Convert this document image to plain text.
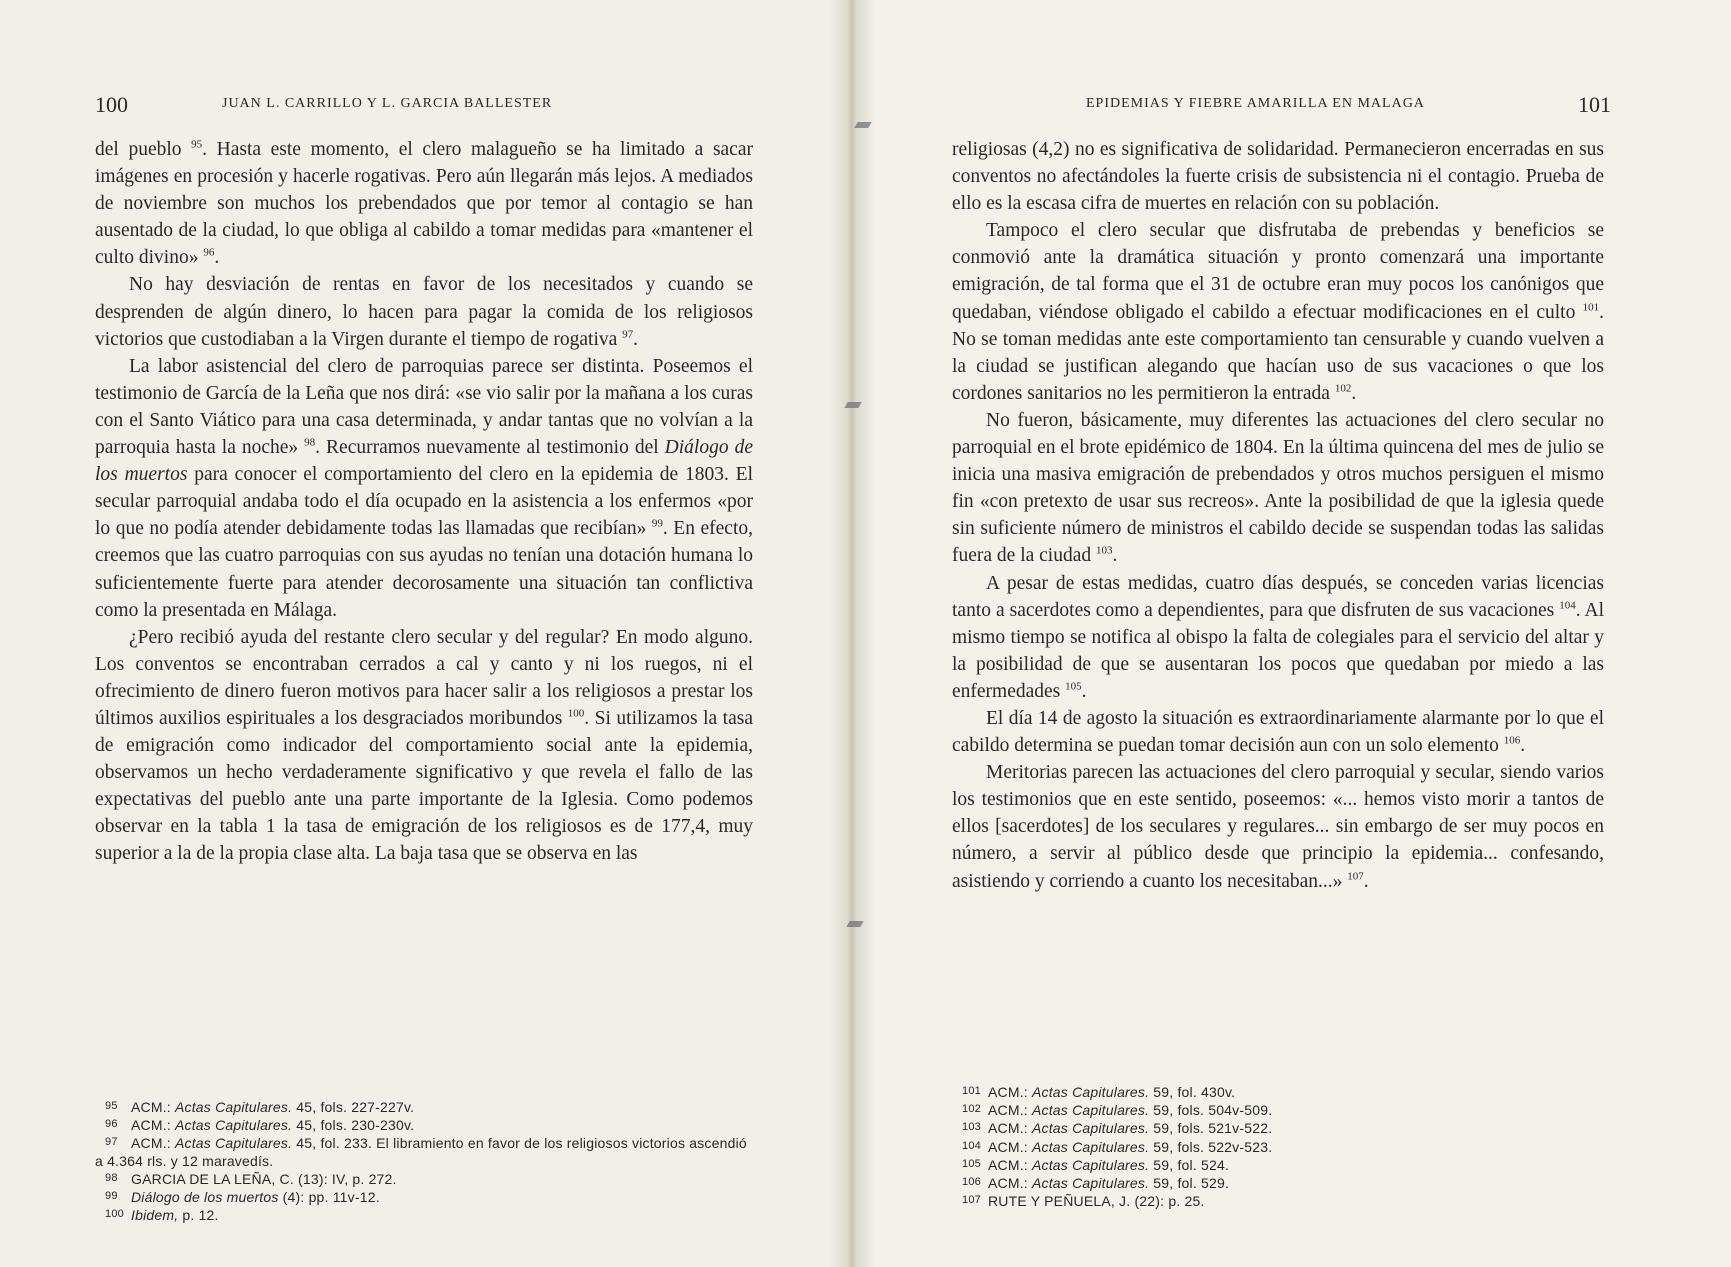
100	JUAN L. CARRILLO Y L. GARCIA BALLESTER	EPIDEMIAS Y FIEBRE AMARILLA EN MALAGA	101

del pueblo $^{95}$. Hasta este momento, el clero malagueño se ha limitado a sacar imágenes en procesión y hacerle rogativas. Pero aún llegarán más lejos. A mediados de noviembre son muchos los prebendados que por temor al contagio se han ausentado de la ciudad, lo que obliga al cabildo a tomar medidas para «mantener el culto divino» $^{96}$.

No hay desviación de rentas en favor de los necesitados y cuando se desprenden de algún dinero, lo hacen para pagar la comida de los religiosos victorios que custodiaban a la Virgen durante el tiempo de rogativa $^{97}$.

La labor asistencial del clero de parroquias parece ser distinta. Poseemos el testimonio de García de la Leña que nos dirá: «se vio salir por la mañana a los curas con el Santo Viático para una casa determinada, y andar tantas que no volvían a la parroquia hasta la noche» $^{98}$. Recurramos nuevamente al testimonio del Diálogo de los muertos para conocer el comportamiento del clero en la epidemia de 1803. El secular parroquial andaba todo el día ocupado en la asistencia a los enfermos «por lo que no podía atender debidamente todas las llamadas que recibían» $^{99}$. En efecto, creemos que las cuatro parroquias con sus ayudas no tenían una dotación humana lo suficientemente fuerte para atender decorosamente una situación tan conflictiva como la presentada en Málaga.

¿Pero recibió ayuda del restante clero secular y del regular? En modo alguno. Los conventos se encontraban cerrados a cal y canto y ni los ruegos, ni el ofrecimiento de dinero fueron motivos para hacer salir a los religiosos a prestar los últimos auxilios espirituales a los desgraciados moribundos $^{100}$. Si utilizamos la tasa de emigración como indicador del comportamiento social ante la epidemia, observamos un hecho verdaderamente significativo y que revela el fallo de las expectativas del pueblo ante una parte importante de la Iglesia. Como podemos observar en la tabla 1 la tasa de emigración de los religiosos es de 177,4, muy superior a la de la propia clase alta. La baja tasa que se observa en las

95 ACM.: Actas Capitulares. 45, fols. 227-227v.
96 ACM.: Actas Capitulares. 45, fols. 230-230v.
97 ACM.: Actas Capitulares. 45, fol. 233. El libramiento en favor de los religiosos victorios ascendió a 4.364 rls. y 12 maravedís.
98 GARCIA DE LA LEÑA, C. (13): IV, p. 272.
99 Diálogo de los muertos (4): pp. 11v-12.
100 Ibidem, p. 12.

religiosas (4,2) no es significativa de solidaridad. Permanecieron encerradas en sus conventos no afectándoles la fuerte crisis de subsistencia ni el contagio. Prueba de ello es la escasa cifra de muertes en relación con su población.

Tampoco el clero secular que disfrutaba de prebendas y beneficios se conmovió ante la dramática situación y pronto comenzará una importante emigración, de tal forma que el 31 de octubre eran muy pocos los canónigos que quedaban, viéndose obligado el cabildo a efectuar modificaciones en el culto $^{101}$. No se toman medidas ante este comportamiento tan censurable y cuando vuelven a la ciudad se justifican alegando que hacían uso de sus vacaciones o que los cordones sanitarios no les permitieron la entrada $^{102}$.

No fueron, básicamente, muy diferentes las actuaciones del clero secular no parroquial en el brote epidémico de 1804. En la última quincena del mes de julio se inicia una masiva emigración de prebendados y otros muchos persiguen el mismo fin «con pretexto de usar sus recreos». Ante la posibilidad de que la iglesia quede sin suficiente número de ministros el cabildo decide se suspendan todas las salidas fuera de la ciudad $^{103}$.

A pesar de estas medidas, cuatro días después, se conceden varias licencias tanto a sacerdotes como a dependientes, para que disfruten de sus vacaciones $^{104}$. Al mismo tiempo se notifica al obispo la falta de colegiales para el servicio del altar y la posibilidad de que se ausentaran los pocos que quedaban por miedo a las enfermedades $^{105}$.

El día 14 de agosto la situación es extraordinariamente alarmante por lo que el cabildo determina se puedan tomar decisión aun con un solo elemento $^{106}$.

Meritorias parecen las actuaciones del clero parroquial y secular, siendo varios los testimonios que en este sentido, poseemos: «... hemos visto morir a tantos de ellos [sacerdotes] de los seculares y regulares... sin embargo de ser muy pocos en número, a servir al público desde que principio la epidemia... confesando, asistiendo y corriendo a cuanto los necesitaban...» $^{107}$.

101 ACM.: Actas Capitulares. 59, fol. 430v.
102 ACM.: Actas Capitulares. 59, fols. 504v-509.
103 ACM.: Actas Capitulares. 59, fols. 521v-522.
104 ACM.: Actas Capitulares. 59, fols. 522v-523.
105 ACM.: Actas Capitulares. 59, fol. 524.
106 ACM.: Actas Capitulares. 59, fol. 529.
107 RUTE Y PEÑUELA, J. (22): p. 25.
